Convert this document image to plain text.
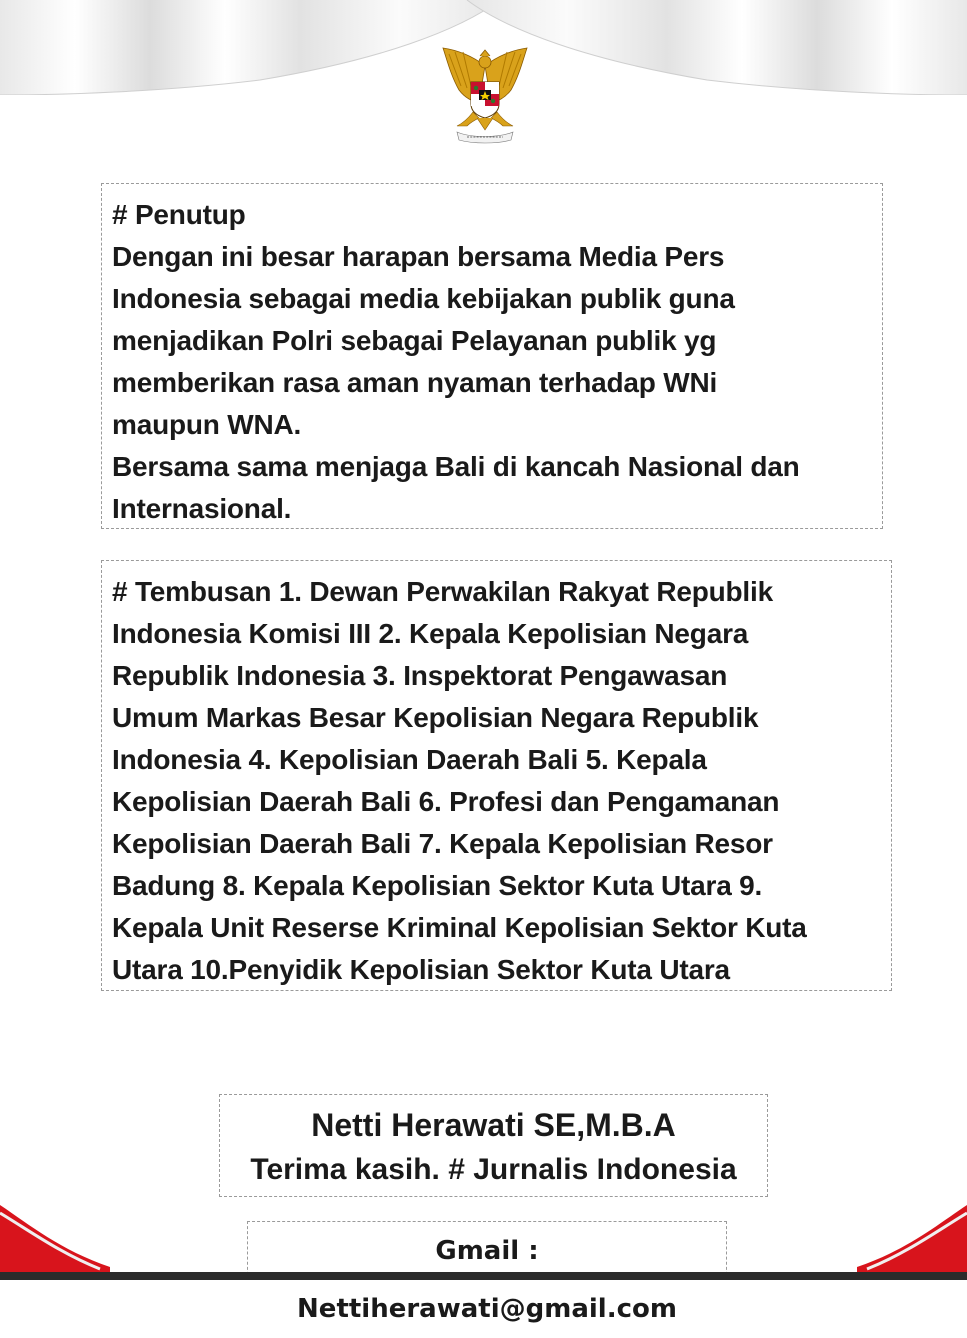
# Penutup

Dengan ini besar harapan bersama Media Pers
Indonesia sebagai media kebijakan publik guna
menjadikan Polri sebagai Pelayanan publik yg
memberikan rasa aman nyaman terhadap WNi
maupun WNA.
Bersama sama menjaga Bali di kancah Nasional dan
Internasional.

# Tembusan 1. Dewan Perwakilan Rakyat Republik
Indonesia Komisi III 2. Kepala Kepolisian Negara
Republik Indonesia 3. Inspektorat Pengawasan
Umum Markas Besar Kepolisian Negara Republik
Indonesia 4. Kepolisian Daerah Bali 5. Kepala
Kepolisian Daerah Bali 6. Profesi dan Pengamanan
Kepolisian Daerah Bali 7. Kepala Kepolisian Resor
Badung 8. Kepala Kepolisian Sektor Kuta Utara 9.
Kepala Unit Reserse Kriminal Kepolisian Sektor Kuta
Utara 10.Penyidik Kepolisian Sektor Kuta Utara

Netti Herawati SE,M.B.A
Terima kasih. # Jurnalis Indonesia
Gmail : Nettiherawati@gmail.com
